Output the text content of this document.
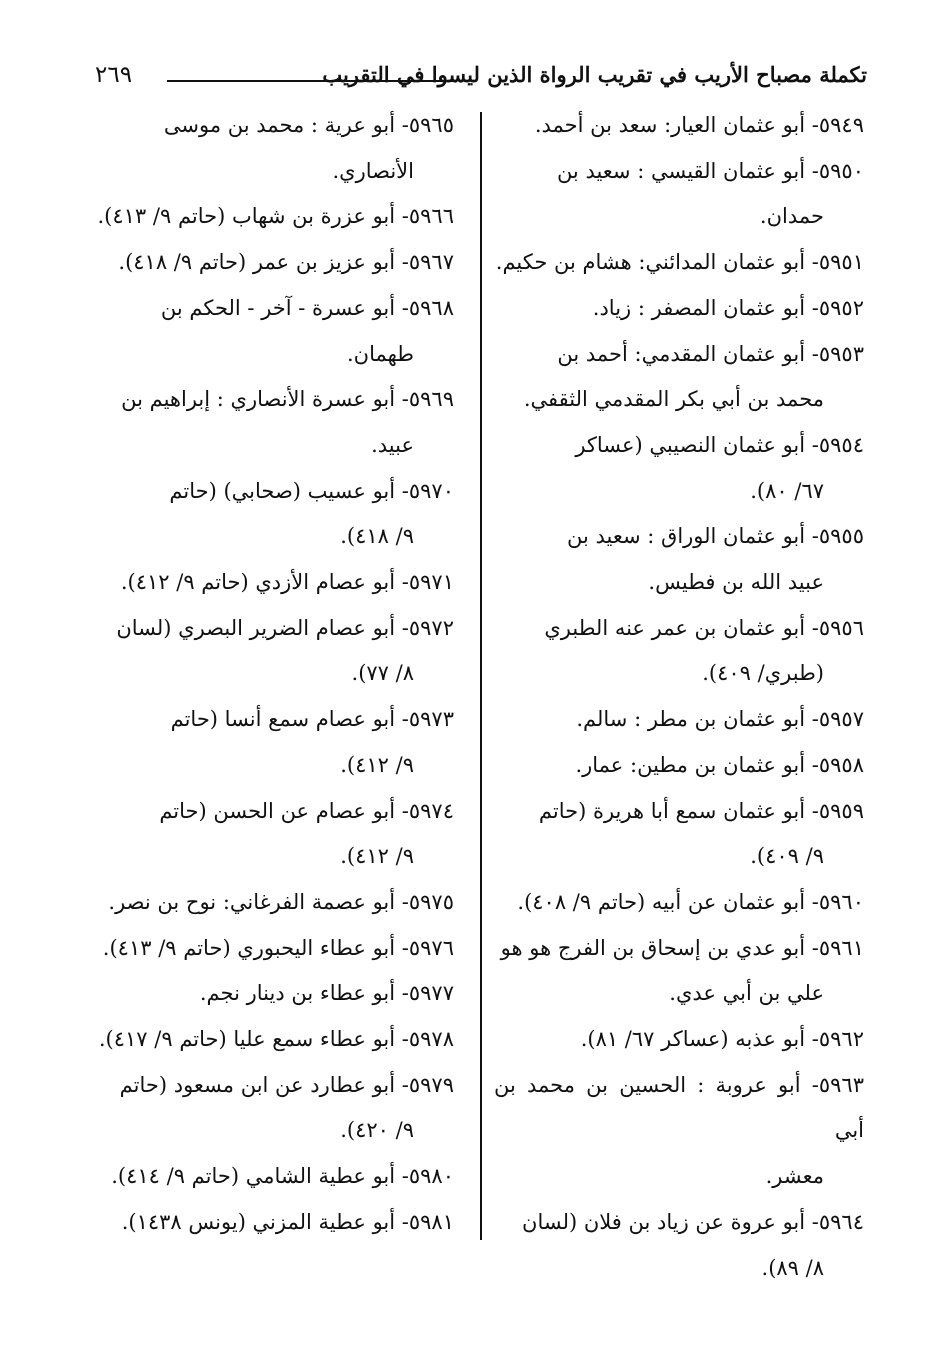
تكملة مصباح الأريب في تقريب الرواة الذين ليسوا في التقريب
٢٦٩
٥٩٤٩- أبو عثمان العيار: سعد بن أحمد.
٥٩٥٠- أبو عثمان القيسي : سعيد بن
حمدان.
٥٩٥١- أبو عثمان المدائني: هشام بن حكيم.
٥٩٥٢- أبو عثمان المصفر : زياد.
٥٩٥٣- أبو عثمان المقدمي: أحمد بن
محمد بن أبي بكر المقدمي الثقفي.
٥٩٥٤- أبو عثمان النصيبي (عساكر
٦٧/ ٨٠).
٥٩٥٥- أبو عثمان الوراق : سعيد بن
عبيد الله بن فطيس.
٥٩٥٦- أبو عثمان بن عمر عنه الطبري
(طبري/ ٤٠٩).
٥٩٥٧- أبو عثمان بن مطر : سالم.
٥٩٥٨- أبو عثمان بن مطين: عمار.
٥٩٥٩- أبو عثمان سمع أبا هريرة (حاتم
٩/ ٤٠٩).
٥٩٦٠- أبو عثمان عن أبيه (حاتم ٩/ ٤٠٨).
٥٩٦١- أبو عدي بن إسحاق بن الفرج هو هو
علي بن أبي عدي.
٥٩٦٢- أبو عذبه (عساكر ٦٧/ ٨١).
٥٩٦٣- أبو عروبة : الحسين بن محمد بن أبي
معشر.
٥٩٦٤- أبو عروة عن زياد بن فلان (لسان
٨/ ٨٩).
٥٩٦٥- أبو عرية : محمد بن موسى
الأنصاري.
٥٩٦٦- أبو عزرة بن شهاب (حاتم ٩/ ٤١٣).
٥٩٦٧- أبو عزيز بن عمر (حاتم ٩/ ٤١٨).
٥٩٦٨- أبو عسرة - آخر - الحكم بن
طهمان.
٥٩٦٩- أبو عسرة الأنصاري : إبراهيم بن
عبيد.
٥٩٧٠- أبو عسيب (صحابي) (حاتم
٩/ ٤١٨).
٥٩٧١- أبو عصام الأزدي (حاتم ٩/ ٤١٢).
٥٩٧٢- أبو عصام الضرير البصري (لسان
٨/ ٧٧).
٥٩٧٣- أبو عصام سمع أنسا (حاتم
٩/ ٤١٢).
٥٩٧٤- أبو عصام عن الحسن (حاتم
٩/ ٤١٢).
٥٩٧٥- أبو عصمة الفرغاني: نوح بن نصر.
٥٩٧٦- أبو عطاء اليحبوري (حاتم ٩/ ٤١٣).
٥٩٧٧- أبو عطاء بن دينار نجم.
٥٩٧٨- أبو عطاء سمع عليا (حاتم ٩/ ٤١٧).
٥٩٧٩- أبو عطارد عن ابن مسعود (حاتم
٩/ ٤٢٠).
٥٩٨٠- أبو عطية الشامي (حاتم ٩/ ٤١٤).
٥٩٨١- أبو عطية المزني (يونس ١٤٣٨).
